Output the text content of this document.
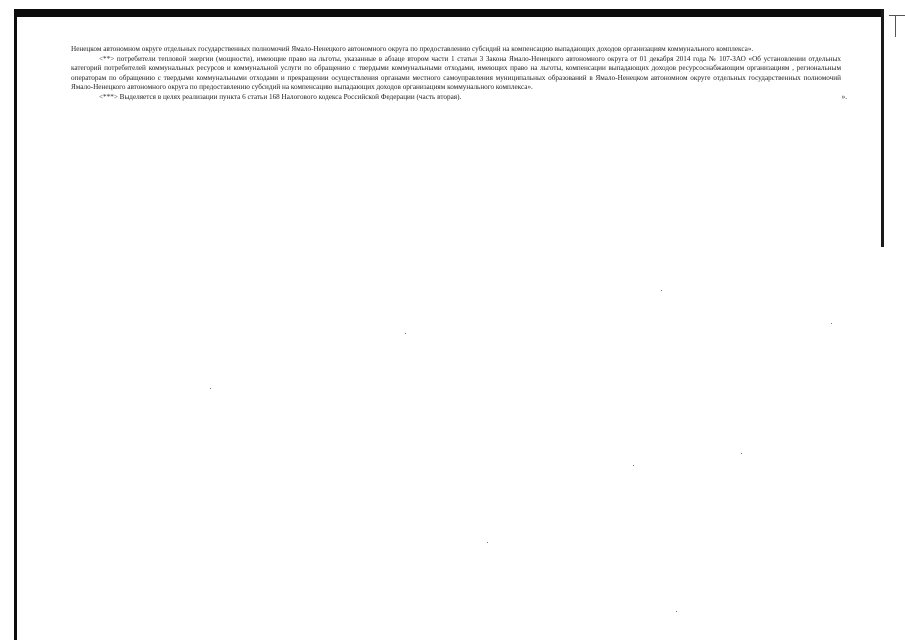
Ненецком автономном округе отдельных государственных полномочий Ямало-Ненецкого автономного округа по предоставлению субсидий на компенсацию выпадающих доходов организациям коммунального комплекса».

<**> потребители тепловой энергии (мощности), имеющие право на льготы, указанные в абзаце втором части 1 статьи 3 Закона Ямало-Ненецкого автономного округа от 01 декабря 2014 года № 107-ЗАО «Об установлении отдельных категорий потребителей коммунальных ресурсов и коммунальной услуги по обращению с твердыми коммунальными отходами, имеющих право на льготы, компенсации выпадающих доходов ресурсоснабжающим организациям , региональным операторам по обращению с твердыми коммунальными отходами и прекращении осуществления органами местного самоуправления муниципальных образований в Ямало-Ненецком автономном округе отдельных государственных полномочий Ямало-Ненецкого автономного округа по предоставлению субсидий на компенсацию выпадающих доходов организациям коммунального комплекса».

<***> Выделяется в целях реализации пункта 6 статьи 168 Налогового кодекса Российской Федерации (часть вторая).	».
